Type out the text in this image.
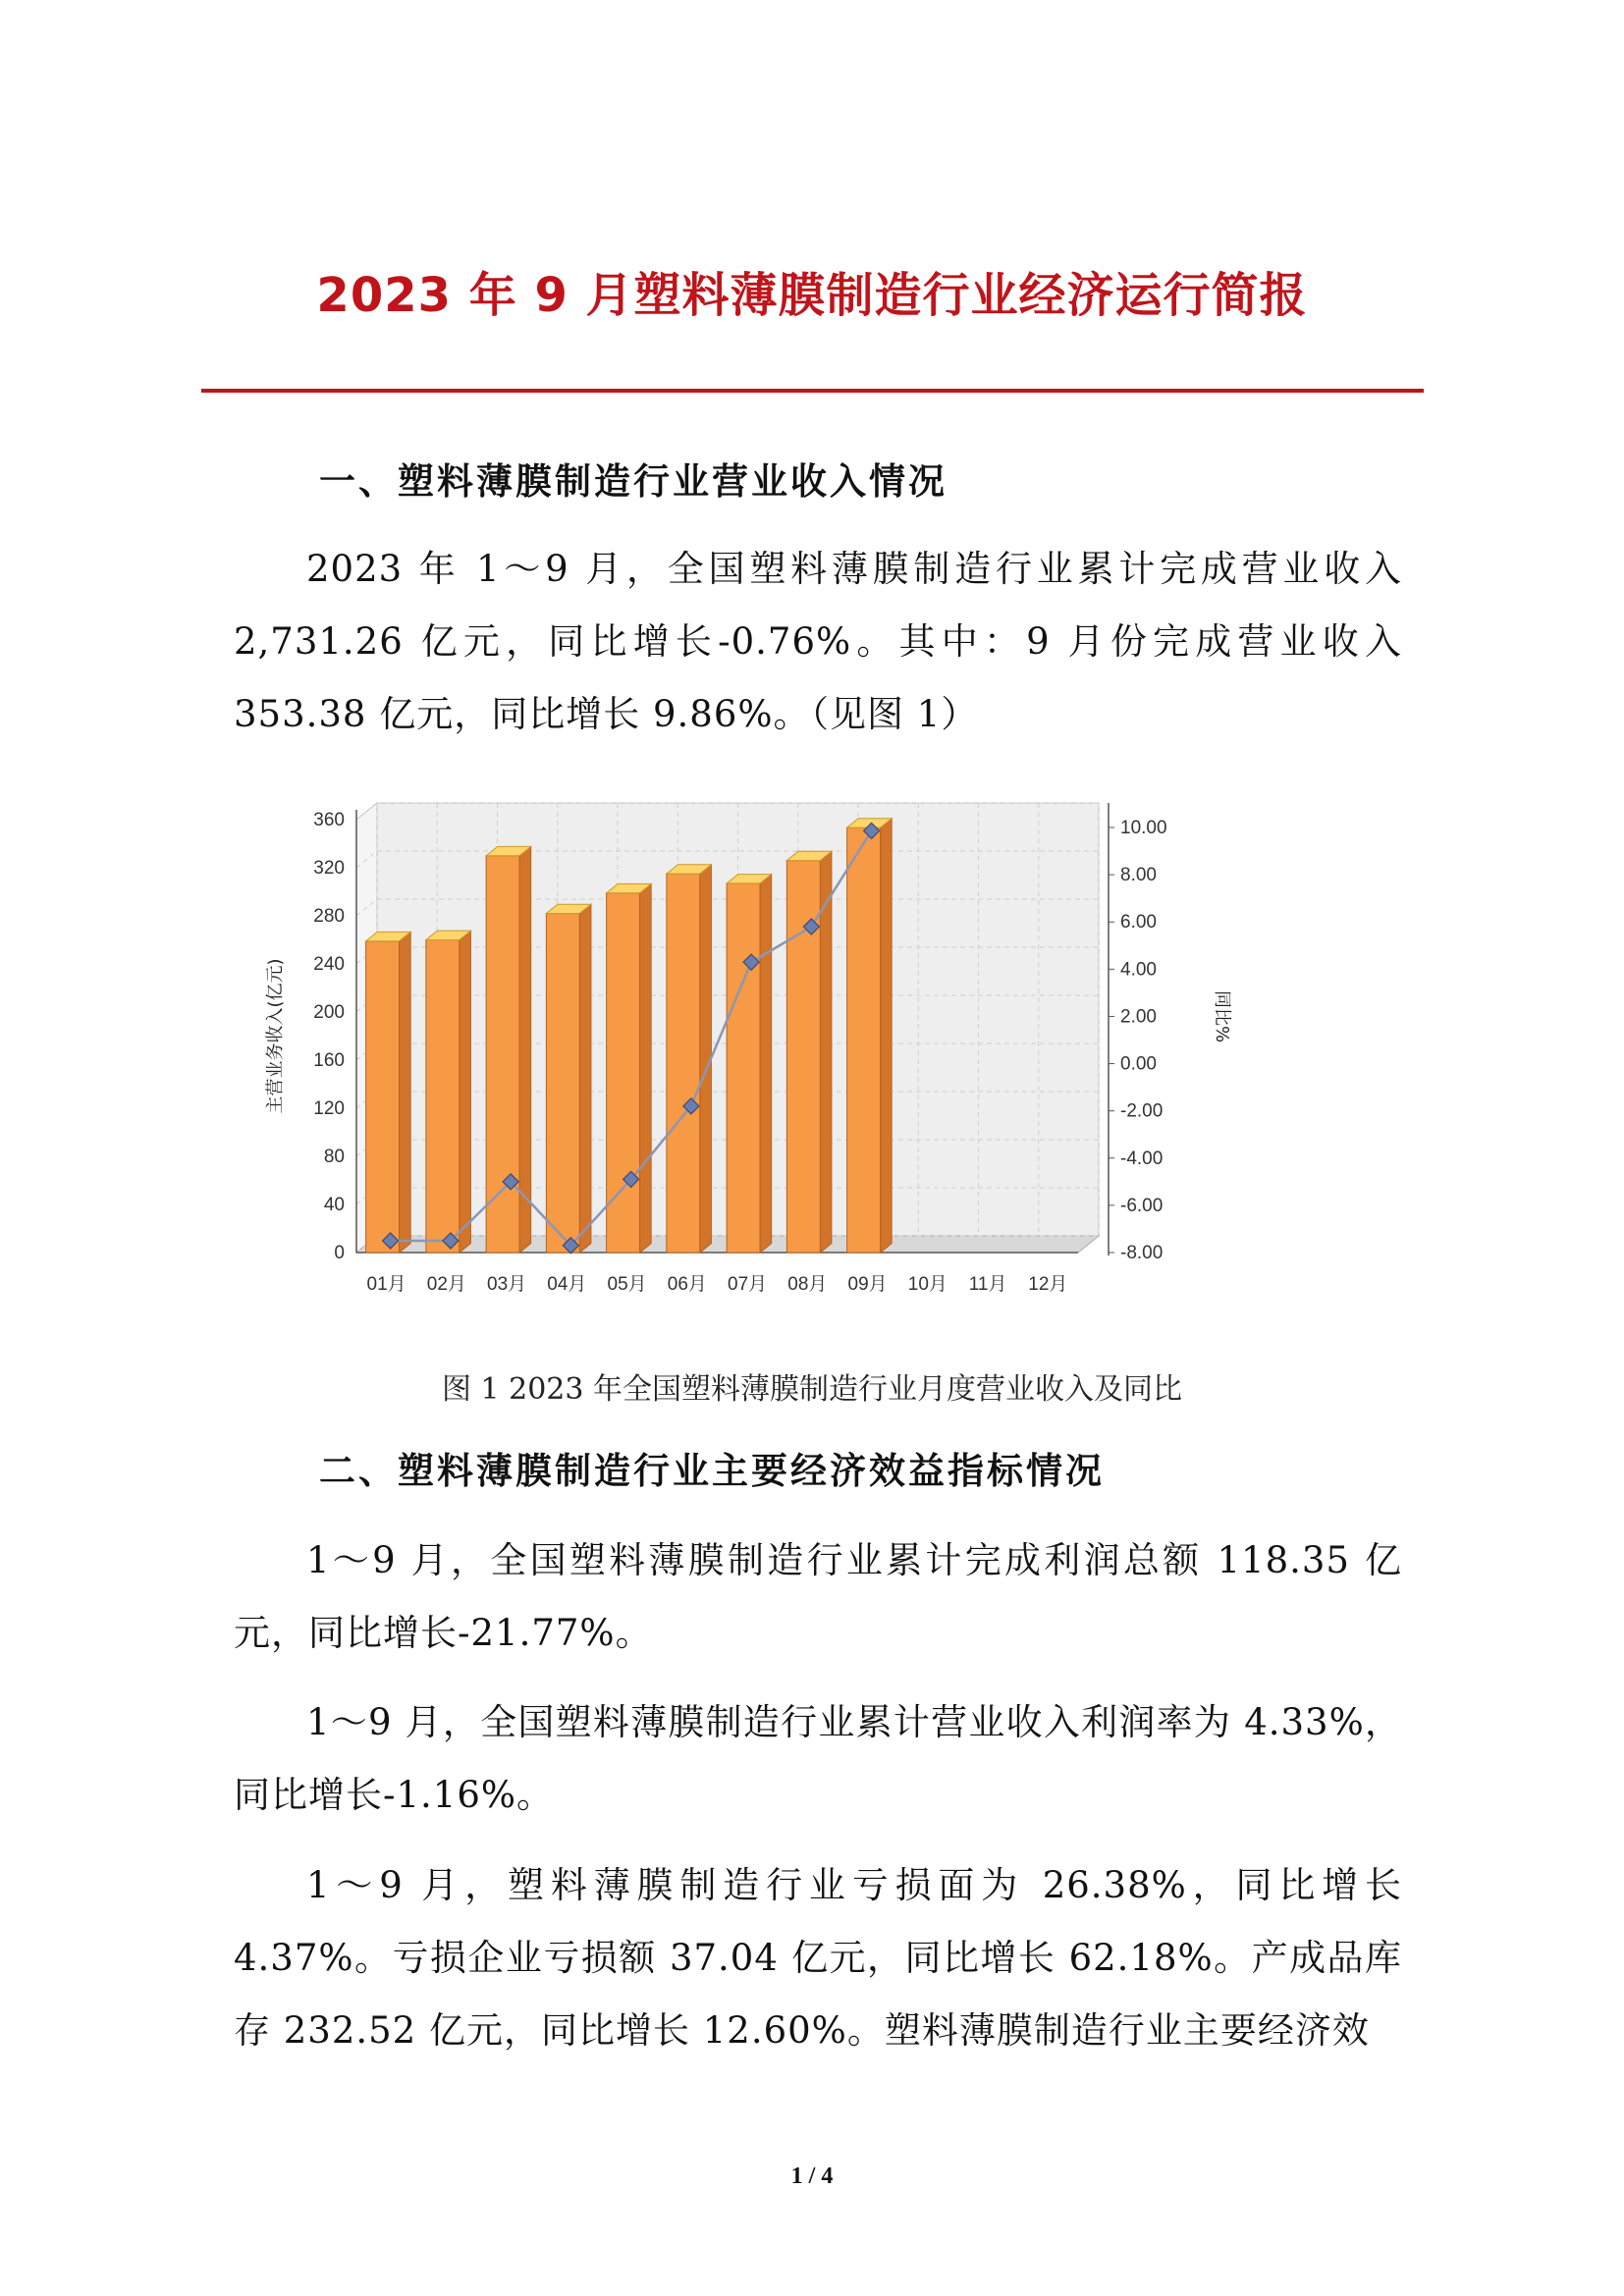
2023 年 9 月塑料薄膜制造行业经济运行简报
一、塑料薄膜制造行业营业收入情况
2023 年 1～9 月，全国塑料薄膜制造行业累计完成营业收入 2,731.26 亿元，同比增长-0.76%。其中：9 月份完成营业收入 353.38 亿元，同比增长 9.86%。（见图 1）
0
40
80
120
160
200
240
280
320
360
-8.00
-6.00
-4.00
-2.00
0.00
2.00
4.00
6.00
8.00
10.00
01月 02月 03月 04月 05月 06月 07月 08月 09月 10月 11月 12月
主营业务收入(亿元)	同比%
图 1 2023 年全国塑料薄膜制造行业月度营业收入及同比
二、塑料薄膜制造行业主要经济效益指标情况
1～9 月，全国塑料薄膜制造行业累计完成利润总额 118.35 亿元，同比增长-21.77%。
1～9 月，全国塑料薄膜制造行业累计营业收入利润率为 4.33%，同比增长-1.16%。
1～9 月，塑料薄膜制造行业亏损面为 26.38%，同比增长 4.37%。亏损企业亏损额 37.04 亿元，同比增长 62.18%。产成品库存 232.52 亿元，同比增长 12.60%。塑料薄膜制造行业主要经济效
1 / 4
